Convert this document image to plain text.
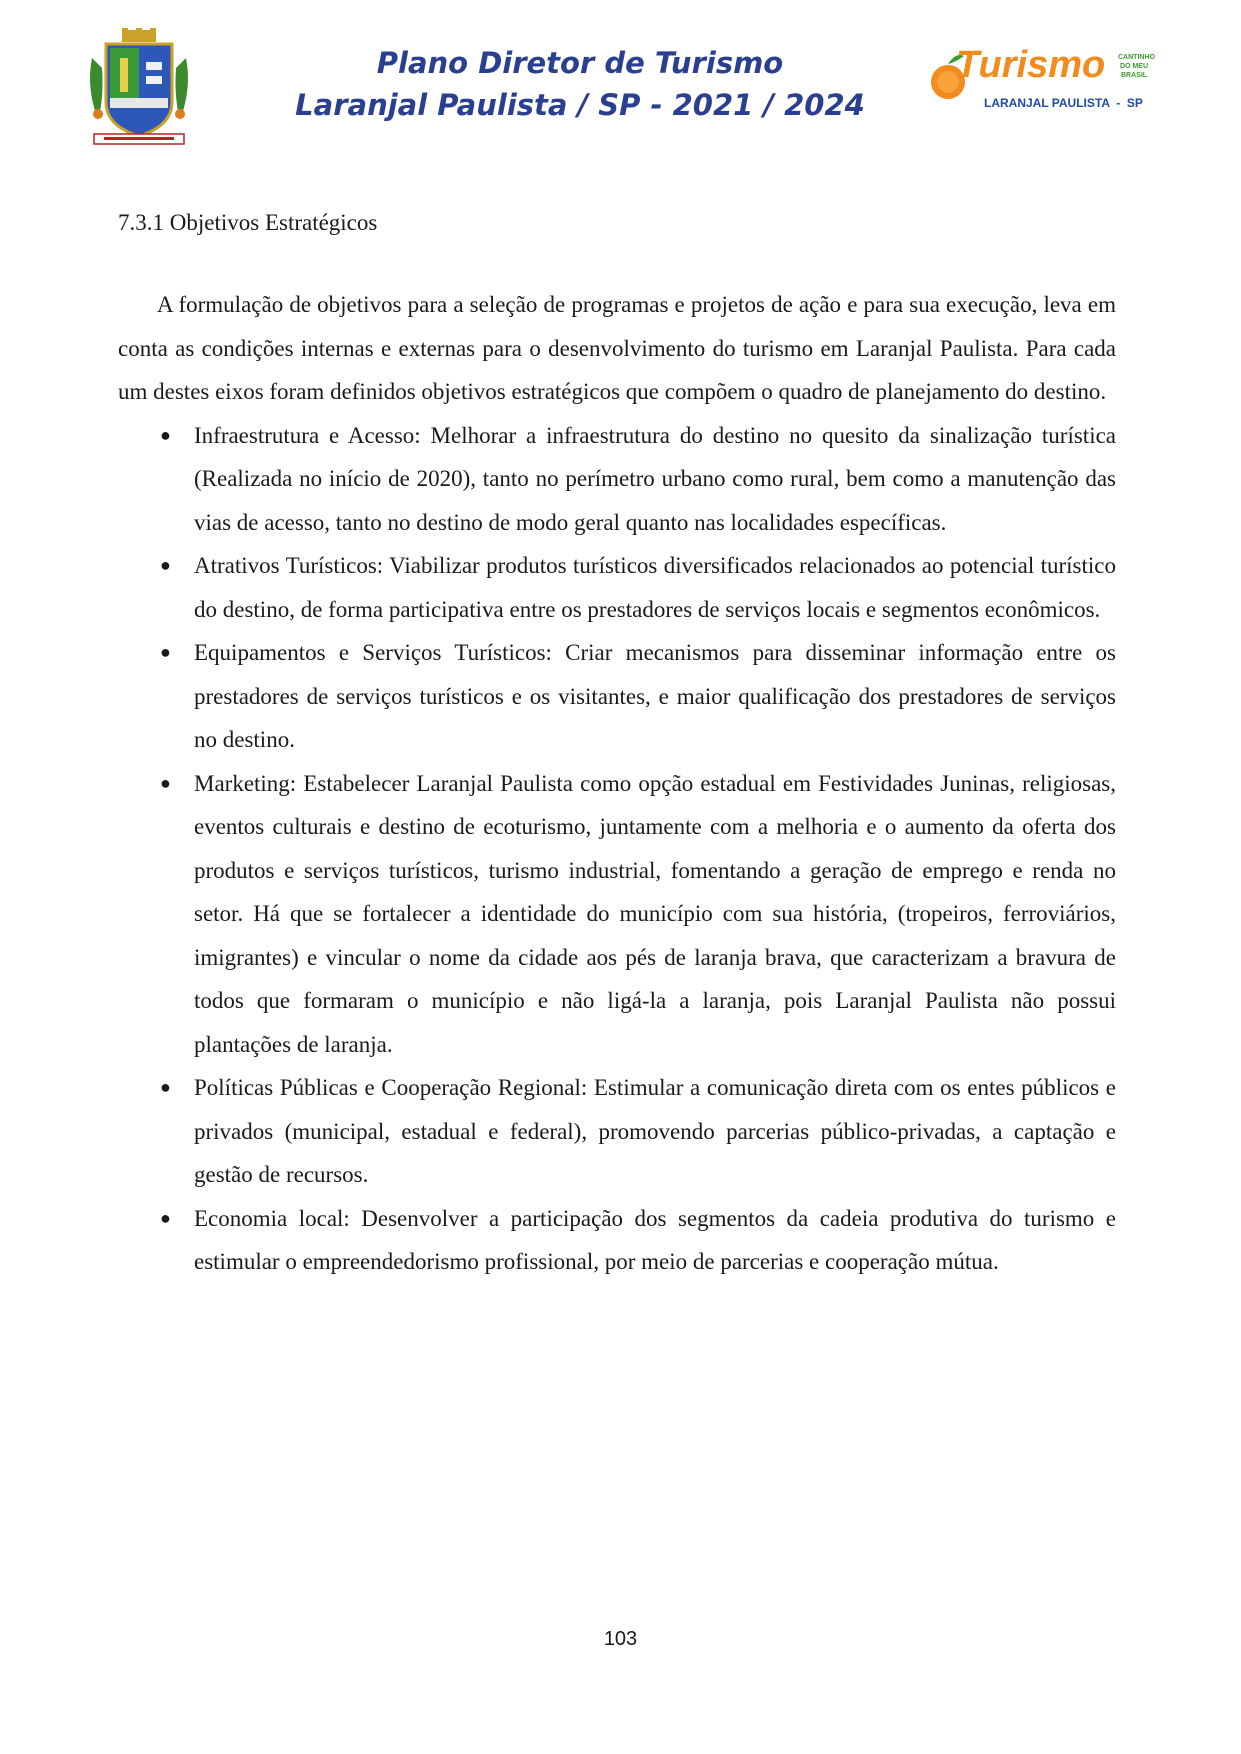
Plano Diretor de Turismo
Laranjal Paulista / SP - 2021 / 2024
Turismo CANTINHO
DO MEU
BRASIL
LARANJAL PAULISTA  -  SP
7.3.1 Objetivos Estratégicos

A formulação de objetivos para a seleção de programas e projetos de ação e para sua execução, leva em conta as condições internas e externas para o desenvolvimento do turismo em Laranjal Paulista. Para cada um destes eixos foram definidos objetivos estratégicos que compõem o quadro de planejamento do destino.

● Infraestrutura e Acesso: Melhorar a infraestrutura do destino no quesito da sinalização turística (Realizada no início de 2020), tanto no perímetro urbano como rural, bem como a manutenção das vias de acesso, tanto no destino de modo geral quanto nas localidades específicas.
● Atrativos Turísticos: Viabilizar produtos turísticos diversificados relacionados ao potencial turístico do destino, de forma participativa entre os prestadores de serviços locais e segmentos econômicos.
● Equipamentos e Serviços Turísticos: Criar mecanismos para disseminar informação entre os prestadores de serviços turísticos e os visitantes, e maior qualificação dos prestadores de serviços no destino.
● Marketing: Estabelecer Laranjal Paulista como opção estadual em Festividades Juninas, religiosas, eventos culturais e destino de ecoturismo, juntamente com a melhoria e o aumento da oferta dos produtos e serviços turísticos, turismo industrial, fomentando a geração de emprego e renda no setor. Há que se fortalecer a identidade do município com sua história, (tropeiros, ferroviários, imigrantes) e vincular o nome da cidade aos pés de laranja brava, que caracterizam a bravura de todos que formaram o município e não ligá-la a laranja, pois Laranjal Paulista não possui plantações de laranja.
● Políticas Públicas e Cooperação Regional: Estimular a comunicação direta com os entes públicos e privados (municipal, estadual e federal), promovendo parcerias público-privadas, a captação e gestão de recursos.
● Economia local: Desenvolver a participação dos segmentos da cadeia produtiva do turismo e estimular o empreendedorismo profissional, por meio de parcerias e cooperação mútua.
103
